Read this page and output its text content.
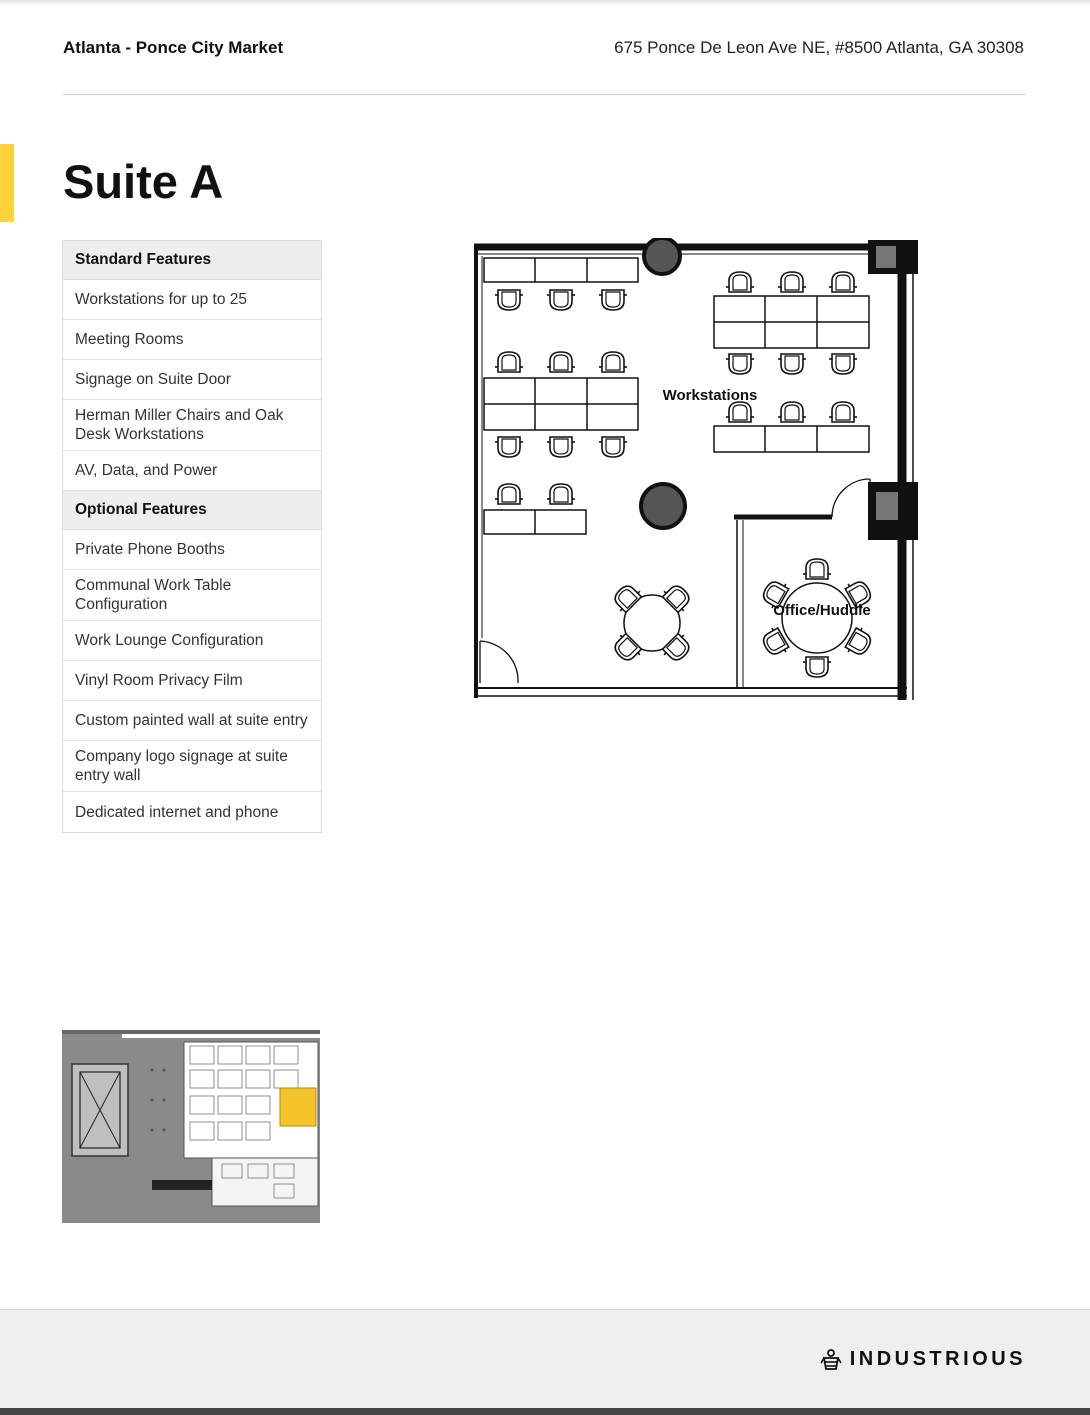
Atlanta - Ponce City Market	675 Ponce De Leon Ave NE, #8500 Atlanta, GA 30308
Suite A
Standard Features
Workstations for up to 25
Meeting Rooms
Signage on Suite Door
Herman Miller Chairs and Oak Desk Workstations
AV, Data, and Power
Optional Features
Private Phone Booths
Communal Work Table Configuration
Work Lounge Configuration
Vinyl Room Privacy Film
Custom painted wall at suite entry
Company logo signage at suite entry wall
Dedicated internet and phone
Workstations
Office/Huddle
INDUSTRIOUS
